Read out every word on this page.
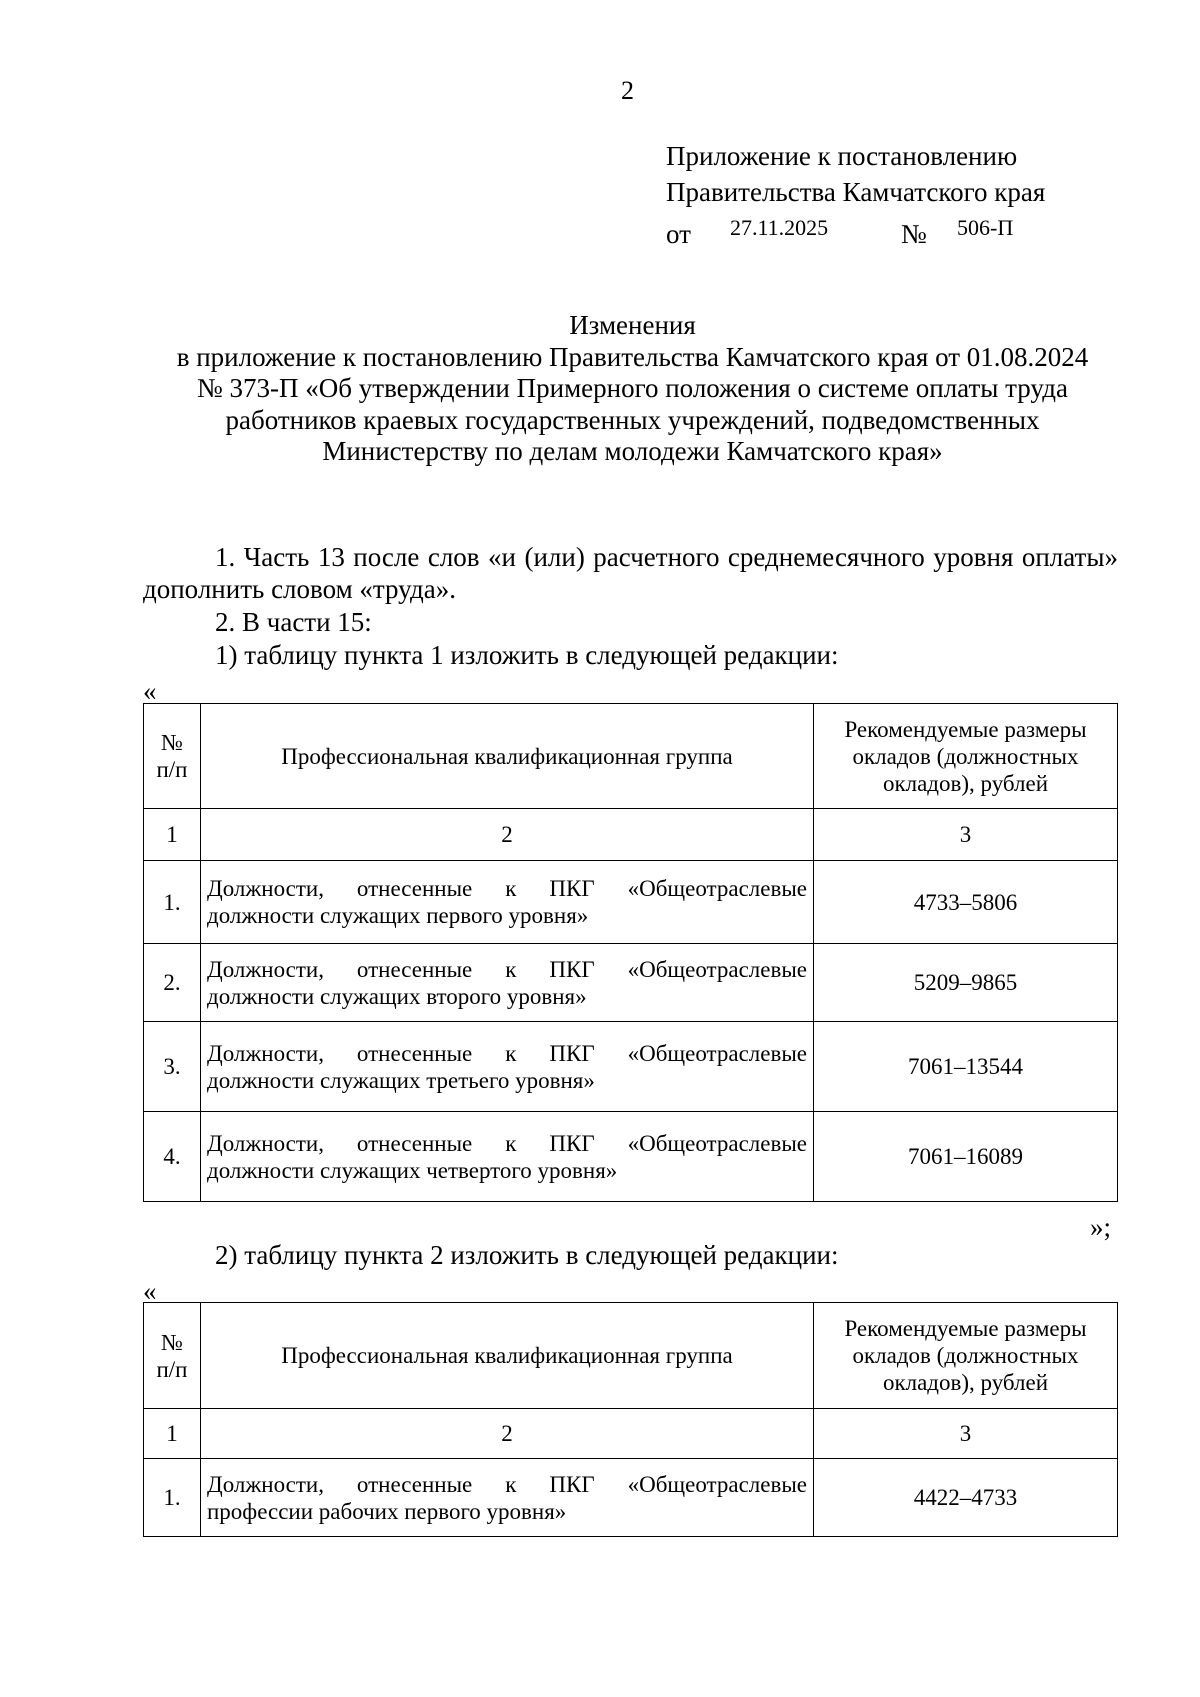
2
Приложение к постановлению
Правительства Камчатского края
от 27.11.2025	№ 506-П
Изменения
в приложение к постановлению Правительства Камчатского края от 01.08.2024
№ 373-П «Об утверждении Примерного положения о системе оплаты труда
работников краевых государственных учреждений, подведомственных
Министерству по делам молодежи Камчатского края»
1. Часть 13 после слов «и (или) расчетного среднемесячного уровня оплаты» дополнить словом «труда».
2. В части 15:
1) таблицу пункта 1 изложить в следующей редакции:
«
№ п/п	Профессиональная квалификационная группа	Рекомендуемые размеры окладов (должностных окладов), рублей
1	2	3
1.	Должности, отнесенные к ПКГ «Общеотраслевые должности служащих первого уровня»	4733–5806
2.	Должности, отнесенные к ПКГ «Общеотраслевые должности служащих второго уровня»	5209–9865
3.	Должности, отнесенные к ПКГ «Общеотраслевые должности служащих третьего уровня»	7061–13544
4.	Должности, отнесенные к ПКГ «Общеотраслевые должности служащих четвертого уровня»	7061–16089
»;
2) таблицу пункта 2 изложить в следующей редакции:
«
№ п/п	Профессиональная квалификационная группа	Рекомендуемые размеры окладов (должностных окладов), рублей
1	2	3
1.	Должности, отнесенные к ПКГ «Общеотраслевые профессии рабочих первого уровня»	4422–4733
